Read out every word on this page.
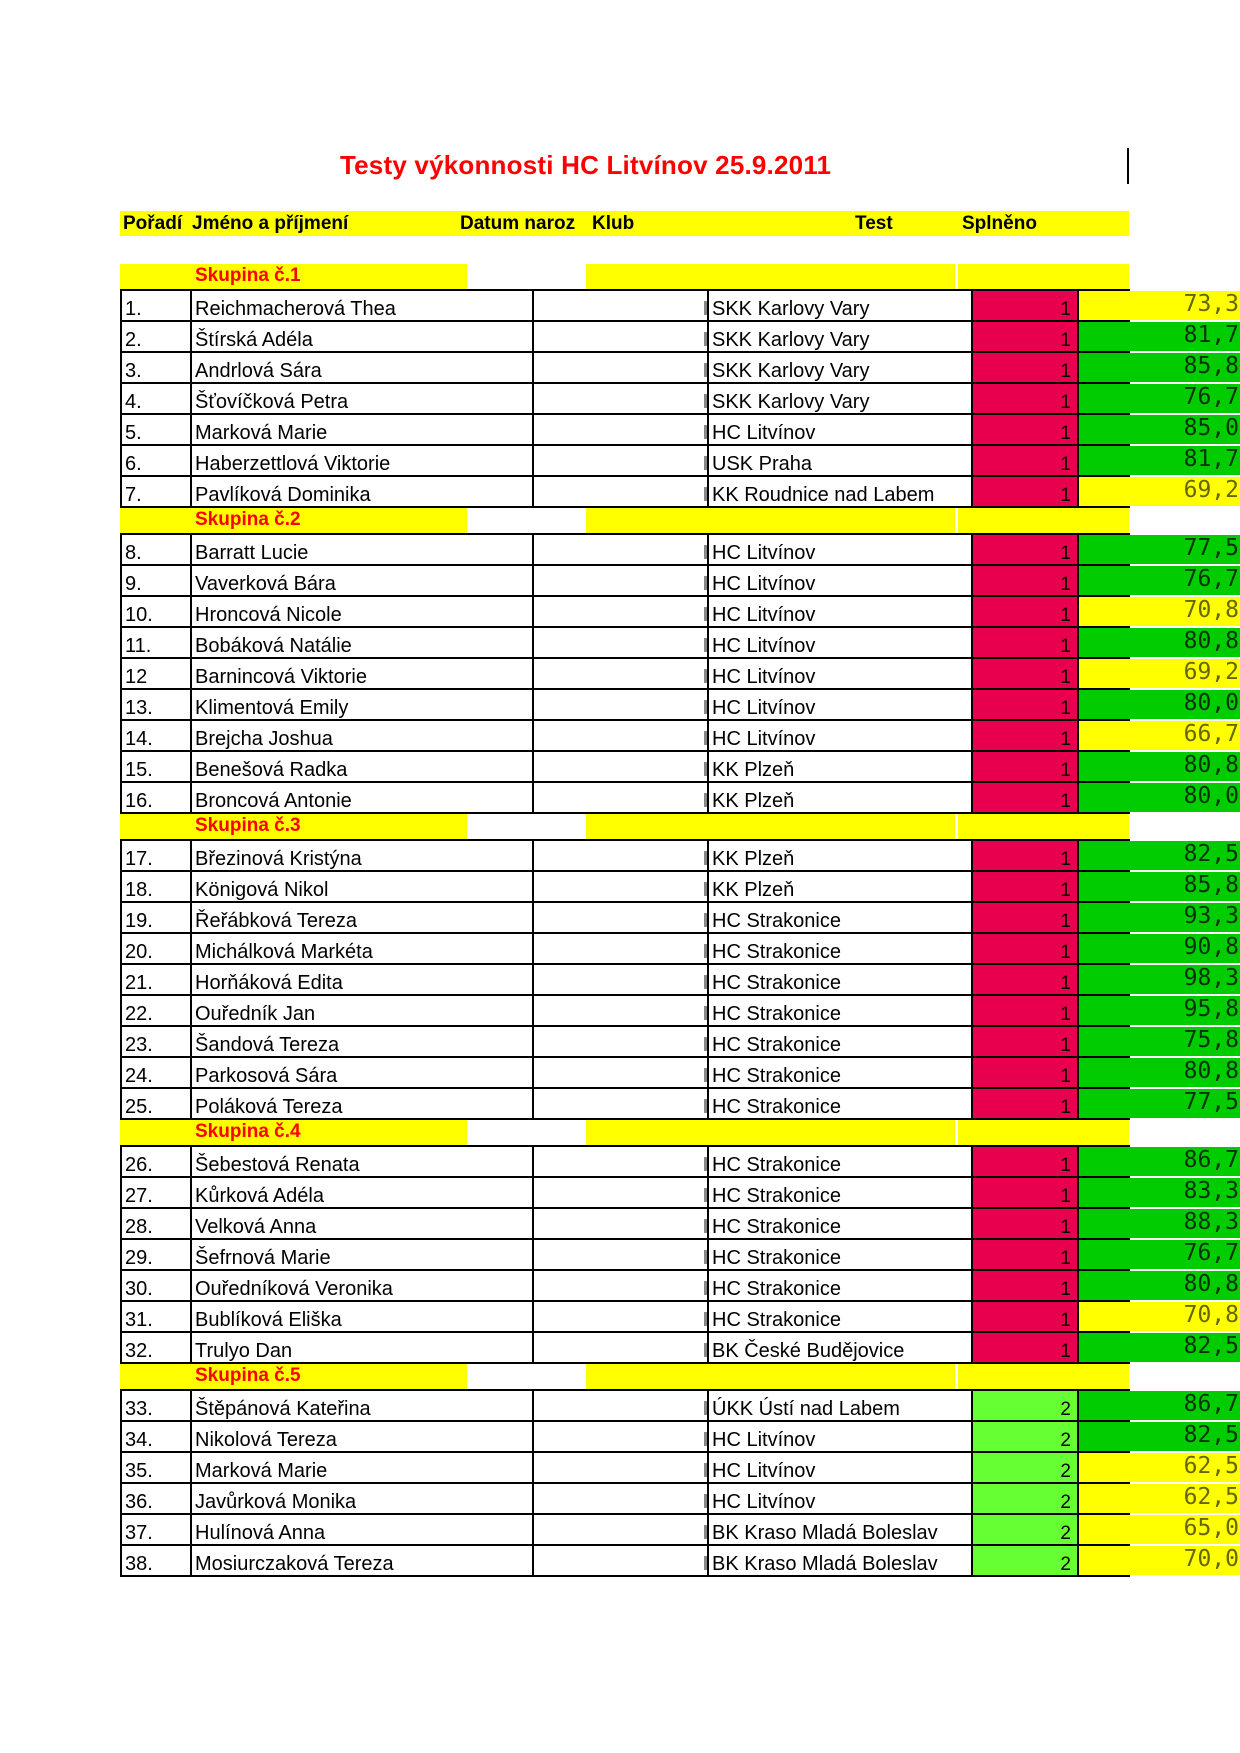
Testy výkonnosti HC Litvínov 25.9.2011
Pořadí Jméno a příjmení	Datum naroz Klub	Test	Splněno
Skupina č.1
1.	Reichmacherová Thea	SKK Karlovy Vary	1	73,3
2.	Štírská Adéla	SKK Karlovy Vary	1	81,7
3.	Andrlová Sára	SKK Karlovy Vary	1	85,8
4.	Šťovíčková Petra	SKK Karlovy Vary	1	76,7
5.	Marková Marie	HC Litvínov	1	85,0
6.	Haberzettlová Viktorie	USK Praha	1	81,7
7.	Pavlíková Dominika	KK Roudnice nad Labem	1	69,2
Skupina č.2
8.	Barratt Lucie	HC Litvínov	1	77,5
9.	Vaverková Bára	HC Litvínov	1	76,7
10.	Hroncová Nicole	HC Litvínov	1	70,8
11.	Bobáková Natálie	HC Litvínov	1	80,8
12	Barnincová Viktorie	HC Litvínov	1	69,2
13.	Klimentová Emily	HC Litvínov	1	80,0
14.	Brejcha Joshua	HC Litvínov	1	66,7
15.	Benešová Radka	KK Plzeň	1	80,8
16.	Broncová Antonie	KK Plzeň	1	80,0
Skupina č.3
17.	Březinová Kristýna	KK Plzeň	1	82,5
18.	Königová Nikol	KK Plzeň	1	85,8
19.	Řeřábková Tereza	HC Strakonice	1	93,3
20.	Michálková Markéta	HC Strakonice	1	90,8
21.	Horňáková Edita	HC Strakonice	1	98,3
22.	Ouředník Jan	HC Strakonice	1	95,8
23.	Šandová Tereza	HC Strakonice	1	75,8
24.	Parkosová Sára	HC Strakonice	1	80,8
25.	Poláková Tereza	HC Strakonice	1	77,5
Skupina č.4
26.	Šebestová Renata	HC Strakonice	1	86,7
27.	Kůrková Adéla	HC Strakonice	1	83,3
28.	Velková Anna	HC Strakonice	1	88,3
29.	Šefrnová Marie	HC Strakonice	1	76,7
30.	Ouředníková Veronika	HC Strakonice	1	80,8
31.	Bublíková Eliška	HC Strakonice	1	70,8
32.	Trulyo Dan	BK České Budějovice	1	82,5
Skupina č.5
33.	Štěpánová Kateřina	ÚKK Ústí nad Labem	2	86,7
34.	Nikolová Tereza	HC Litvínov	2	82,5
35.	Marková Marie	HC Litvínov	2	62,5
36.	Javůrková Monika	HC Litvínov	2	62,5
37.	Hulínová Anna	BK Kraso Mladá Boleslav	2	65,0
38.	Mosiurczaková Tereza	BK Kraso Mladá Boleslav	2	70,0
